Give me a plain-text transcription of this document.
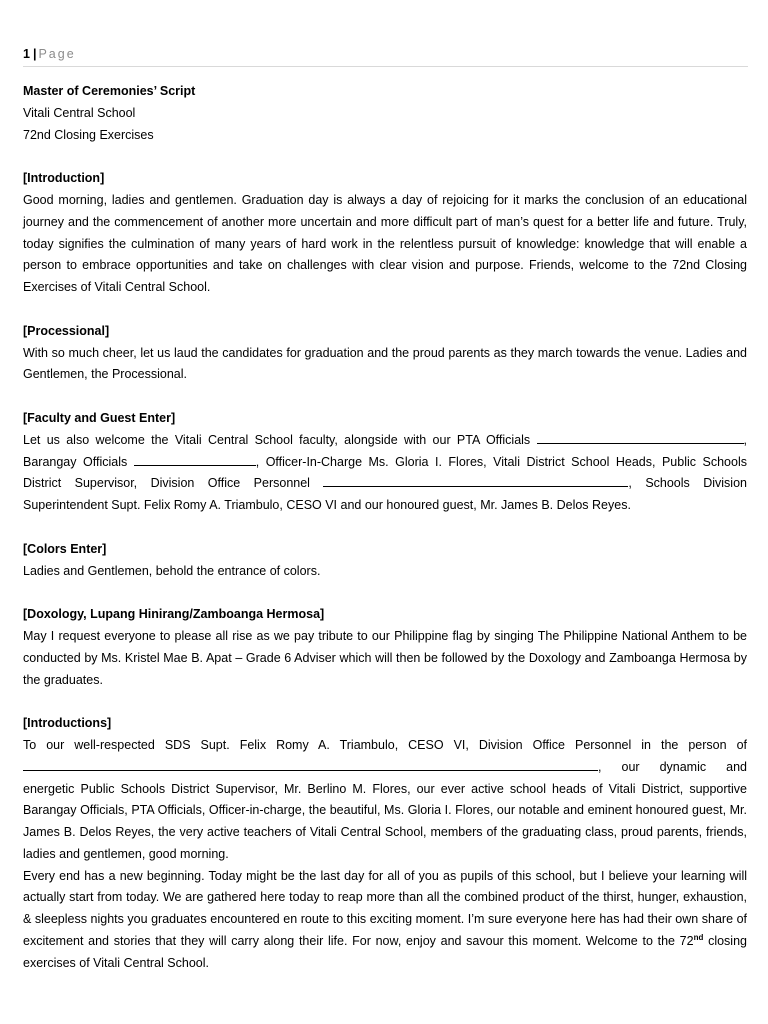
1 | Page
Master of Ceremonies’ Script
Vitali Central School
72nd Closing Exercises
[Introduction]

Good morning, ladies and gentlemen. Graduation day is always a day of rejoicing for it marks the conclusion of an educational journey and the commencement of another more uncertain and more difficult part of man’s quest for a better life and future. Truly, today signifies the culmination of many years of hard work in the relentless pursuit of knowledge: knowledge that will enable a person to embrace opportunities and take on challenges with clear vision and purpose. Friends, welcome to the 72nd Closing Exercises of Vitali Central School.

[Processional]

With so much cheer, let us laud the candidates for graduation and the proud parents as they march towards the venue. Ladies and Gentlemen, the Processional.

[Faculty and Guest Enter]

Let us also welcome the Vitali Central School faculty, alongside with our PTA Officials	, Barangay Officials	, Officer-In-Charge Ms. Gloria I. Flores, Vitali District School Heads, Public Schools District Supervisor, Division Office Personnel	, Schools Division Superintendent Supt. Felix Romy A. Triambulo, CESO VI and our honoured guest, Mr. James B. Delos Reyes.

[Colors Enter]

Ladies and Gentlemen, behold the entrance of colors.

[Doxology, Lupang Hinirang/Zamboanga Hermosa]

May I request everyone to please all rise as we pay tribute to our Philippine flag by singing The Philippine National Anthem to be conducted by Ms. Kristel Mae B. Apat – Grade 6 Adviser which will then be followed by the Doxology and Zamboanga Hermosa by the graduates.

[Introductions]

To our well-respected SDS Supt. Felix Romy A. Triambulo, CESO VI, Division Office Personnel in the person of , our dynamic and energetic Public Schools District Supervisor, Mr. Berlino M. Flores, our ever active school heads of Vitali District, supportive Barangay Officials, PTA Officials, Officer-in-charge, the beautiful, Ms. Gloria I. Flores, our notable and eminent honoured guest, Mr. James B. Delos Reyes, the very active teachers of Vitali Central School, members of the graduating class, proud parents, friends, ladies and gentlemen, good morning.

Every end has a new beginning. Today might be the last day for all of you as pupils of this school, but I believe your learning will actually start from today. We are gathered here today to reap more than all the combined product of the thirst, hunger, exhaustion, & sleepless nights you graduates encountered en route to this exciting moment. I’m sure everyone here has had their own share of excitement and stories that they will carry along their life. For now, enjoy and savour this moment. Welcome to the 72nd closing exercises of Vitali Central School.
